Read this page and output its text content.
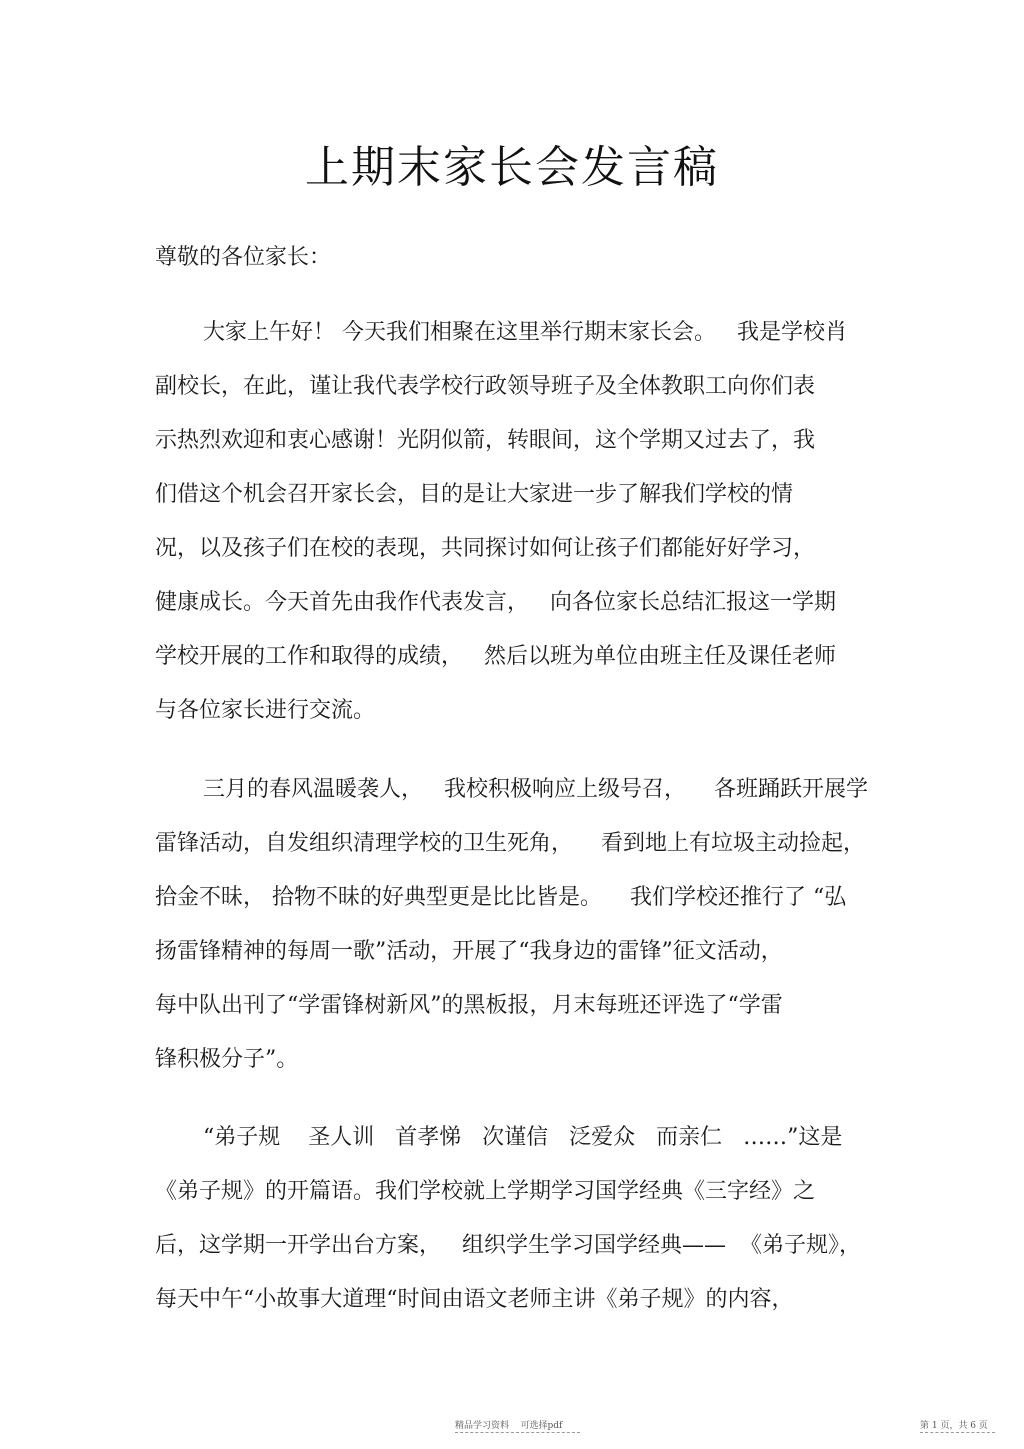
上期末家长会发言稿
尊敬的各位家长：
大家上午好！ 今天我们相聚在这里举行期末家长会。   我是学校肖
副校长，在此，谨让我代表学校行政领导班子及全体教职工向你们表
示热烈欢迎和衷心感谢！光阴似箭，转眼间，这个学期又过去了，我
们借这个机会召开家长会，目的是让大家进一步了解我们学校的情
况，以及孩子们在校的表现，共同探讨如何让孩子们都能好好学习，
健康成长。今天首先由我作代表发言，   向各位家长总结汇报这一学期
学校开展的工作和取得的成绩，   然后以班为单位由班主任及课任老师
与各位家长进行交流。
三月的春风温暖袭人，   我校积极响应上级号召，    各班踊跃开展学
雷锋活动，自发组织清理学校的卫生死角，    看到地上有垃圾主动捡起，
拾金不昧， 拾物不昧的好典型更是比比皆是。    我们学校还推行了 “弘
扬雷锋精神的每周一歌”活动，开展了“我身边的雷锋”征文活动，
每中队出刊了“学雷锋树新风”的黑板报，月末每班还评选了“学雷
锋积极分子”。
“弟子规    圣人训   首孝悌   次谨信   泛爱众   而亲仁   ……”这是
《弟子规》的开篇语。我们学校就上学期学习国学经典《三字经》之
后，这学期一开学出台方案，   组织学生学习国学经典——  《弟子规》，
每天中午“小故事大道理“时间由语文老师主讲《弟子规》的内容，
精品学习资料    可选择pdf	第 1 页，共 6 页
